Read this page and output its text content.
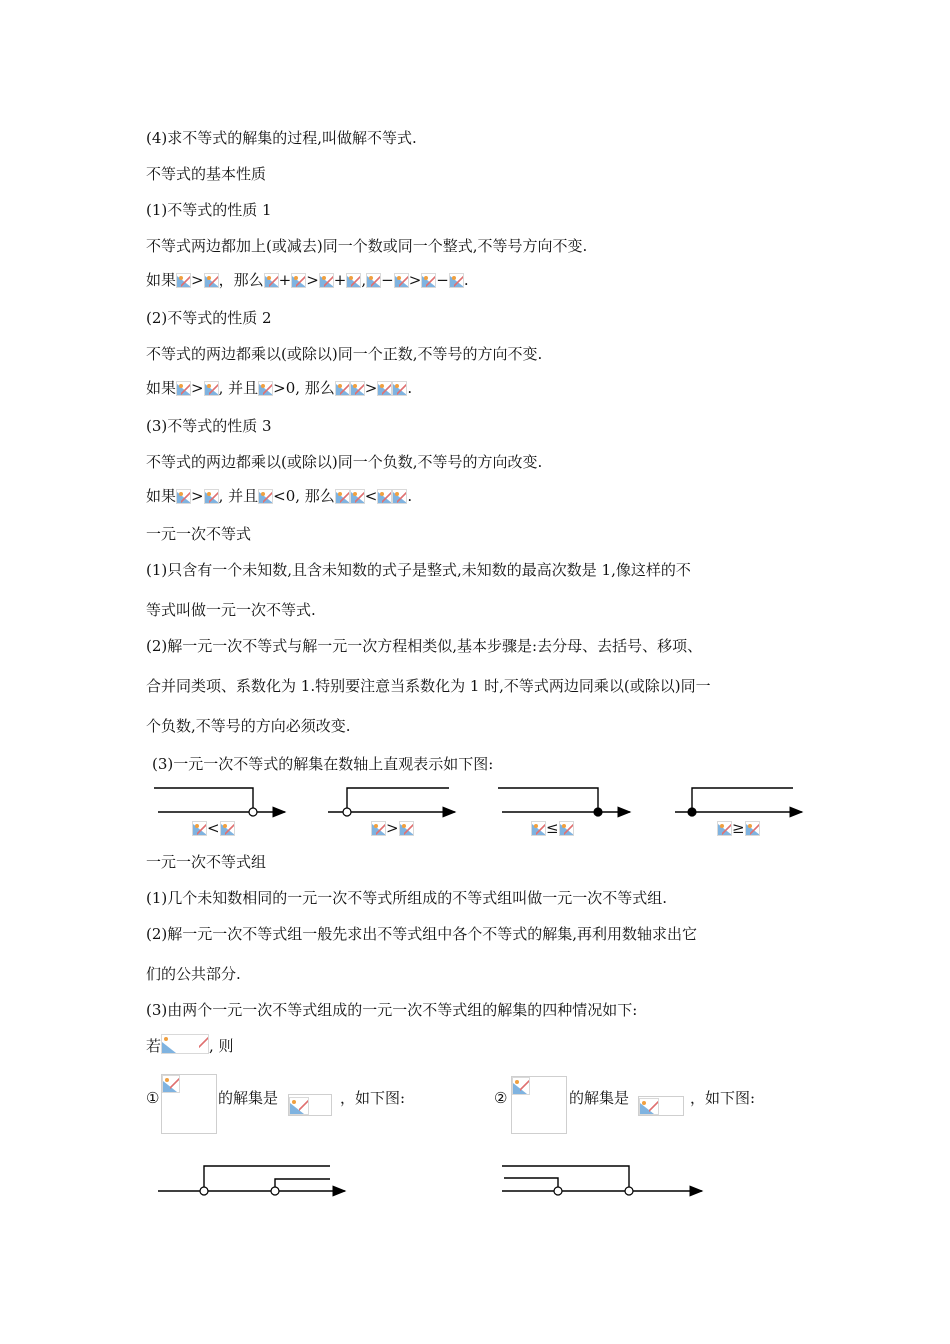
(4)求不等式的解集的过程,叫做解不等式.
不等式的基本性质
(1)不等式的性质 1
不等式两边都加上(或减去)同一个数或同一个整式,不等号方向不变.
如果 > ，那么 + > + , − > − .
(2)不等式的性质 2
不等式的两边都乘以(或除以)同一个正数,不等号的方向不变.
如果 > , 并且 >0, 那么 > .
(3)不等式的性质 3
不等式的两边都乘以(或除以)同一个负数,不等号的方向改变.
如果 > , 并且 <0, 那么 < .
一元一次不等式
(1)只含有一个未知数,且含未知数的式子是整式,未知数的最高次数是 1,像这样的不
等式叫做一元一次不等式.
(2)解一元一次不等式与解一元一次方程相类似,基本步骤是:去分母、去括号、移项、
合并同类项、系数化为 1.特别要注意当系数化为 1 时,不等式两边同乘以(或除以)同一
个负数,不等号的方向必须改变.
(3)一元一次不等式的解集在数轴上直观表示如下图:
<	>	≤	≥
一元一次不等式组
(1)几个未知数相同的一元一次不等式所组成的不等式组叫做一元一次不等式组.
(2)解一元一次不等式组一般先求出不等式组中各个不等式的解集,再利用数轴求出它
们的公共部分.
(3)由两个一元一次不等式组成的一元一次不等式组的解集的四种情况如下:
若	, 则
①	的解集是	，如下图:	②	的解集是	，如下图:
